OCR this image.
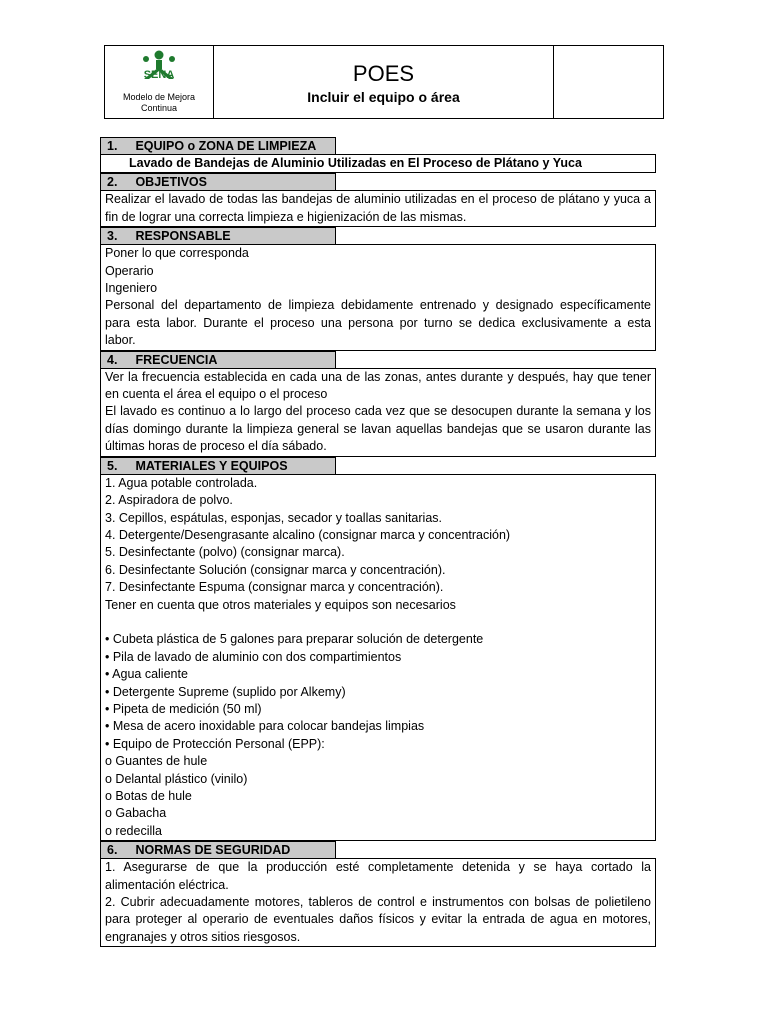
SENA
Modelo de Mejora
Continua
POES
Incluir el equipo o área
1. EQUIPO o ZONA DE LIMPIEZA
Lavado de Bandejas de Aluminio Utilizadas en El Proceso de Plátano y Yuca
2. OBJETIVOS
Realizar el lavado de todas las bandejas de aluminio utilizadas en el proceso de plátano y yuca a
fin de lograr una correcta limpieza e higienización de las mismas.
3. RESPONSABLE
Poner lo que corresponda
Operario
Ingeniero
Personal del departamento de limpieza debidamente entrenado y designado específicamente
para esta labor. Durante el proceso una persona por turno se dedica exclusivamente a esta
labor.
4. FRECUENCIA
Ver la frecuencia establecida en cada una de las zonas, antes durante y después, hay que tener
en cuenta el área el equipo o el proceso
El lavado es continuo a lo largo del proceso cada vez que se desocupen durante la semana y los
días domingo durante la limpieza general se lavan aquellas bandejas que se usaron durante las
últimas horas de proceso el día sábado.
5. MATERIALES Y EQUIPOS
1. Agua potable controlada.
2. Aspiradora de polvo.
3. Cepillos, espátulas, esponjas, secador y toallas sanitarias.
4. Detergente/Desengrasante alcalino (consignar marca y concentración)
5. Desinfectante (polvo) (consignar marca).
6. Desinfectante Solución (consignar marca y concentración).
7. Desinfectante Espuma (consignar marca y concentración).
Tener en cuenta que otros materiales y equipos son necesarios

• Cubeta plástica de 5 galones para preparar solución de detergente
• Pila de lavado de aluminio con dos compartimientos
• Agua caliente
• Detergente Supreme (suplido por Alkemy)
• Pipeta de medición (50 ml)
• Mesa de acero inoxidable para colocar bandejas limpias
• Equipo de Protección Personal (EPP):
o Guantes de hule
o Delantal plástico (vinilo)
o Botas de hule
o Gabacha
o redecilla
6. NORMAS DE SEGURIDAD
1. Asegurarse de que la producción esté completamente detenida y se haya cortado la
alimentación eléctrica.
2. Cubrir adecuadamente motores, tableros de control e instrumentos con bolsas de polietileno
para proteger al operario de eventuales daños físicos y evitar la entrada de agua en motores,
engranajes y otros sitios riesgosos.
